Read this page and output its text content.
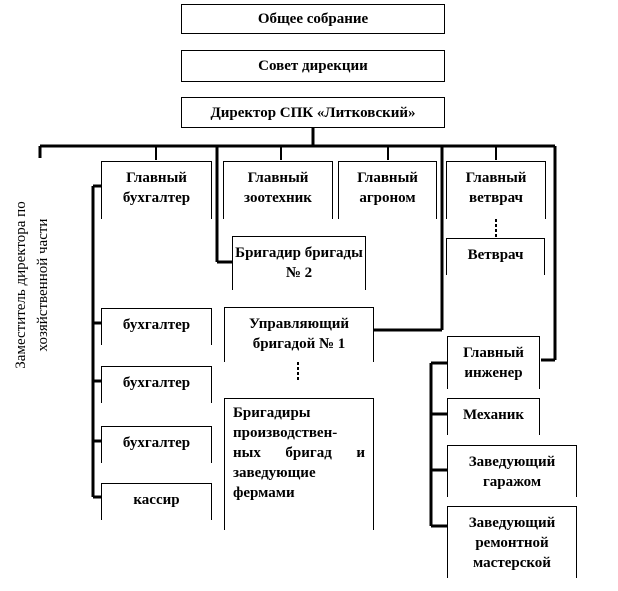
Общее собрание
Совет дирекции
Директор СПК «Литковский»
Заместитель директора по хозяйственной части
Главный бухгалтер
Главный зоотехник
Главный агроном
Главный ветврач
Бригадир бригады № 2
Ветврач
Управляющий бригадой № 1
бухгалтер
бухгалтер
бухгалтер
кассир
Бригадиры производствен-ных бригад и заведующие фермами
Главный инженер
Механик
Заведующий гаражом
Заведующий ремонтной мастерской
